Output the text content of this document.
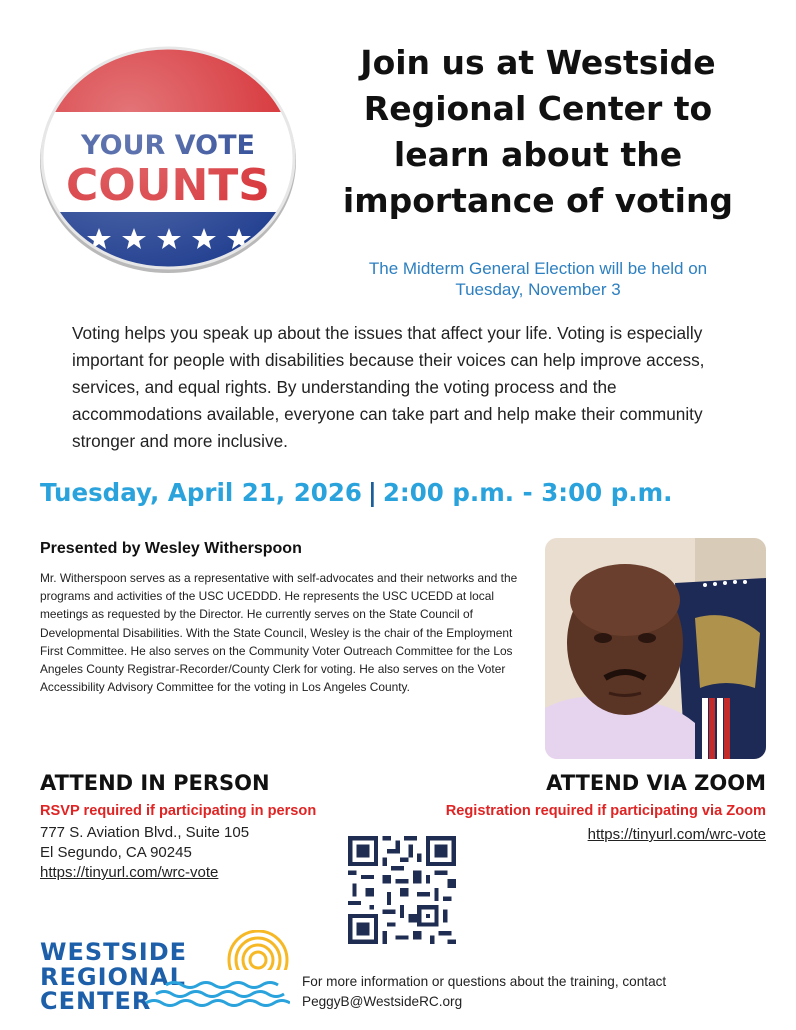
Join us at Westside
Regional Center to
learn about the
importance of voting
The Midterm General Election will be held on
Tuesday, November 3
Voting helps you speak up about the issues that affect your life. Voting is especially important for people with disabilities because their voices can help improve access, services, and equal rights. By understanding the voting process and the accommodations available, everyone can take part and help make their community stronger and more inclusive.
Tuesday, April 21, 2026 | 2:00 p.m. - 3:00 p.m.
Presented by Wesley Witherspoon
Mr. Witherspoon serves as a representative with self-advocates and their networks and the programs and activities of the USC UCEDDD. He represents the USC UCEDD at local meetings as requested by the Director. He currently serves on the State Council of Developmental Disabilities. With the State Council, Wesley is the chair of the Employment First Committee. He also serves on the Community Voter Outreach Committee for the Los Angeles County Registrar-Recorder/County Clerk for voting. He also serves on the Voter Accessibility Advisory Committee for the voting in Los Angeles County.
ATTEND IN PERSON
RSVP required if participating in person
777 S. Aviation Blvd., Suite 105
El Segundo, CA 90245
https://tinyurl.com/wrc-vote
ATTEND VIA ZOOM
Registration required if participating via Zoom
https://tinyurl.com/wrc-vote
WESTSIDE
REGIONAL
CENTER
For more information or questions about the training, contact
PeggyB@WestsideRC.org
